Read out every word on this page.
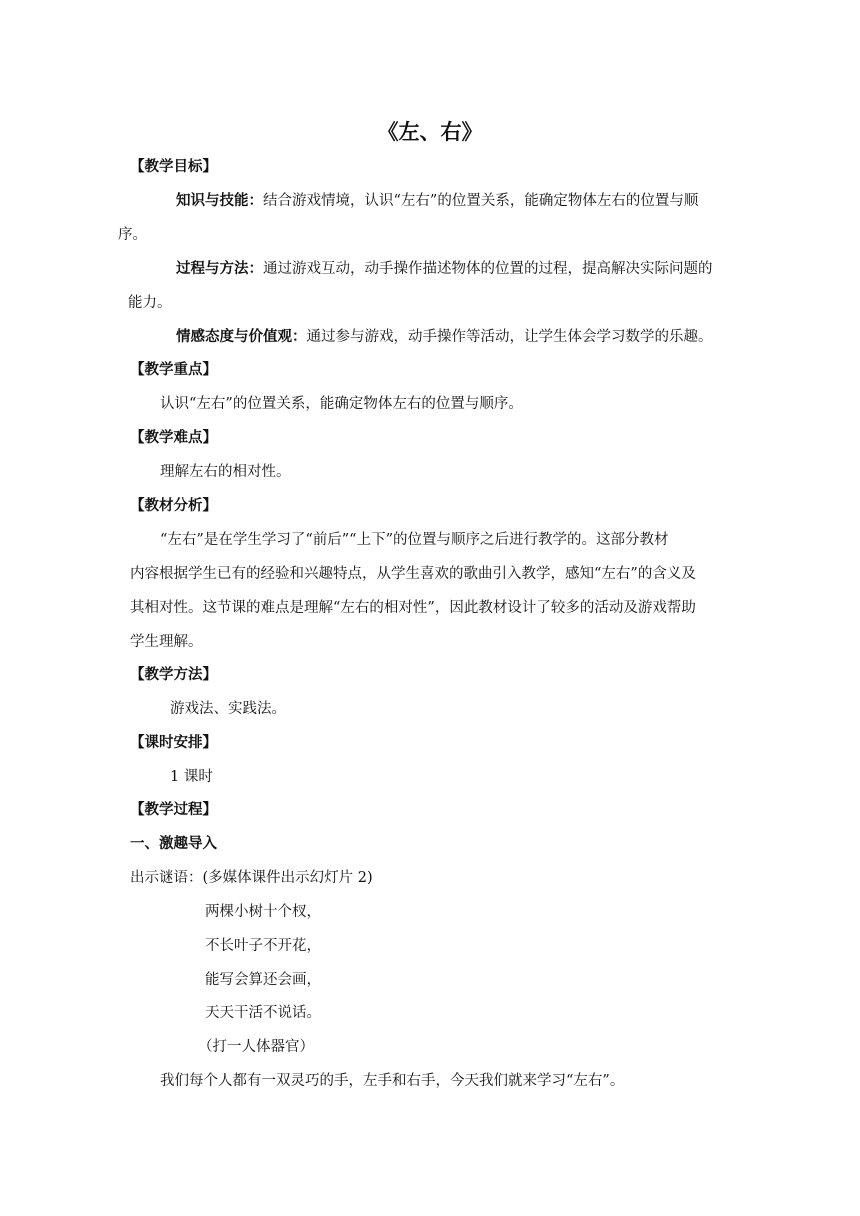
《左、右》
【教学目标】
知识与技能：结合游戏情境，认识“左右”的位置关系，能确定物体左右的位置与顺
序。
过程与方法：通过游戏互动，动手操作描述物体的位置的过程，提高解决实际问题的
能力。
情感态度与价值观：通过参与游戏，动手操作等活动，让学生体会学习数学的乐趣。
【教学重点】
认识“左右”的位置关系，能确定物体左右的位置与顺序。
【教学难点】
理解左右的相对性。
【教材分析】
“左右”是在学生学习了“前后”“上下”的位置与顺序之后进行教学的。这部分教材
内容根据学生已有的经验和兴趣特点，从学生喜欢的歌曲引入教学，感知“左右”的含义及
其相对性。这节课的难点是理解“左右的相对性”，因此教材设计了较多的活动及游戏帮助
学生理解。
【教学方法】
游戏法、实践法。
【课时安排】
1 课时
【教学过程】
一、激趣导入
出示谜语：(多媒体课件出示幻灯片 2)
两棵小树十个杈，
不长叶子不开花，
能写会算还会画，
天天干活不说话。
（打一人体器官）
我们每个人都有一双灵巧的手，左手和右手，今天我们就来学习“左右”。
